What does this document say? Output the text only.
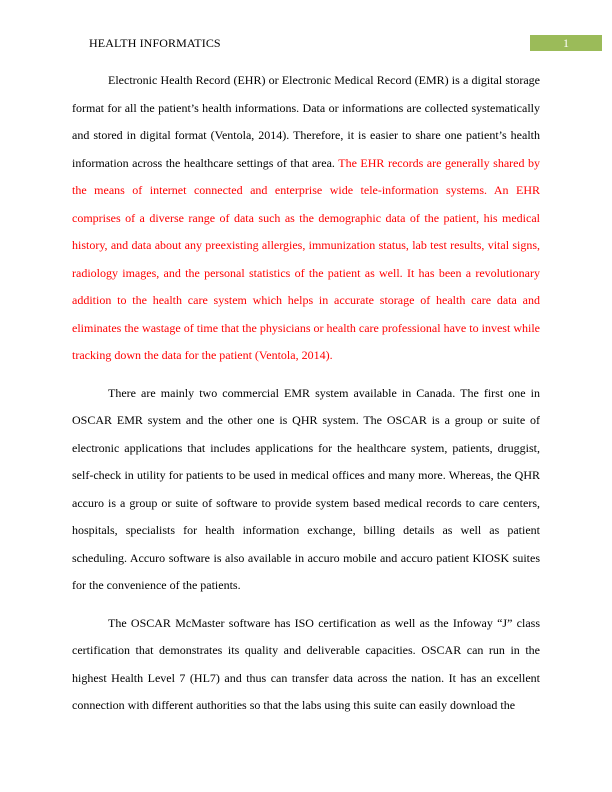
HEALTH INFORMATICS	1

Electronic Health Record (EHR) or Electronic Medical Record (EMR) is a digital storage format for all the patient’s health informations. Data or informations are collected systematically and stored in digital format (Ventola, 2014). Therefore, it is easier to share one patient’s health information across the healthcare settings of that area. The EHR records are generally shared by the means of internet connected and enterprise wide tele-information systems. An EHR comprises of a diverse range of data such as the demographic data of the patient, his medical history, and data about any preexisting allergies, immunization status, lab test results, vital signs, radiology images, and the personal statistics of the patient as well. It has been a revolutionary addition to the health care system which helps in accurate storage of health care data and eliminates the wastage of time that the physicians or health care professional have to invest while tracking down the data for the patient (Ventola, 2014).

There are mainly two commercial EMR system available in Canada. The first one in OSCAR EMR system and the other one is QHR system. The OSCAR is a group or suite of electronic applications that includes applications for the healthcare system, patients, druggist, self-check in utility for patients to be used in medical offices and many more. Whereas, the QHR accuro is a group or suite of software to provide system based medical records to care centers, hospitals, specialists for health information exchange, billing details as well as patient scheduling. Accuro software is also available in accuro mobile and accuro patient KIOSK suites for the convenience of the patients.

The OSCAR McMaster software has ISO certification as well as the Infoway “J” class certification that demonstrates its quality and deliverable capacities. OSCAR can run in the highest Health Level 7 (HL7) and thus can transfer data across the nation. It has an excellent connection with different authorities so that the labs using this suite can easily download the
